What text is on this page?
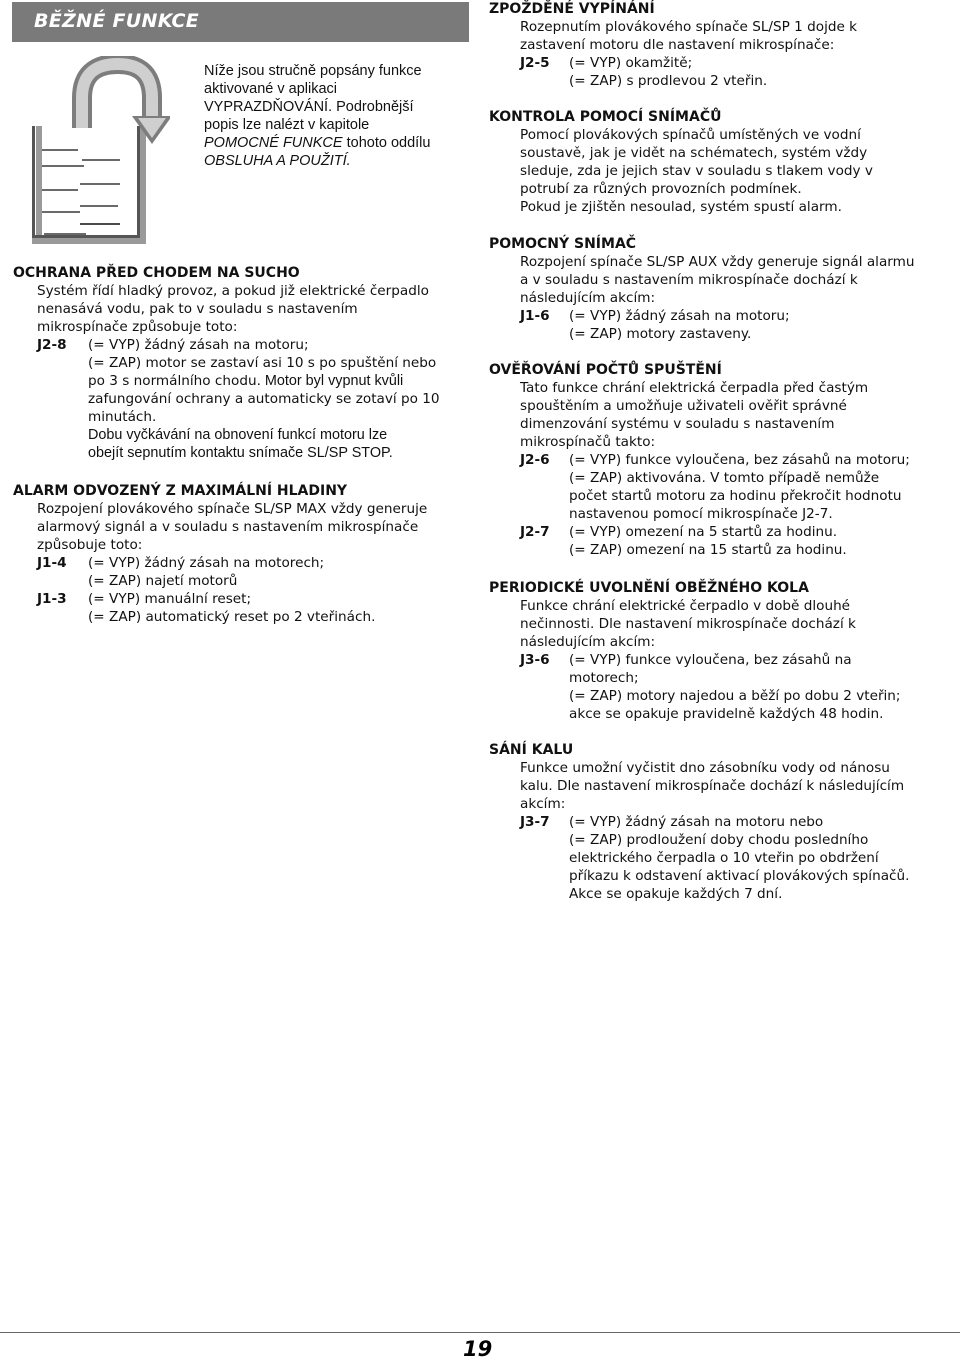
BĚŽNÉ FUNKCE
Níže jsou stručně popsány funkce
aktivované v aplikaci
VYPRAZDŇOVÁNÍ. Podrobnější
popis lze nalézt v kapitole
POMOCNÉ FUNKCE tohoto oddílu
OBSLUHA A POUŽITÍ.

OCHRANA PŘED CHODEM NA SUCHO

Systém řídí hladký provoz, a pokud již elektrické čerpadlo

nenasává vodu, pak to v souladu s nastavením

mikrospínače způsobuje toto:

J2-8	(= VYP) žádný zásah na motoru;
(= ZAP) motor se zastaví asi 10 s po spuštění nebo
po 3 s normálního chodu. Motor byl vypnut kvůli
zafungování ochrany a automaticky se zotaví po 10
minutách.
Dobu vyčkávání na obnovení funkcí motoru lze
obejít sepnutím kontaktu snímače SL/SP STOP.

ALARM ODVOZENÝ Z MAXIMÁLNÍ HLADINY

Rozpojení plovákového spínače SL/SP MAX vždy generuje

alarmový signál a v souladu s nastavením mikrospínače

způsobuje toto:

J1-4	(= VYP) žádný zásah na motorech;
(= ZAP) najetí motorů
J1-3	(= VYP) manuální reset;
(= ZAP) automatický reset po 2 vteřinách.

ZPOŽDĚNÉ VYPÍNÁNÍ

Rozepnutím plovákového spínače SL/SP 1 dojde k

zastavení motoru dle nastavení mikrospínače:

J2-5	(= VYP) okamžitě;
(= ZAP) s prodlevou 2 vteřin.

KONTROLA POMOCÍ SNÍMAČŮ

Pomocí plovákových spínačů umístěných ve vodní

soustavě, jak je vidět na schématech, systém vždy

sleduje, zda je jejich stav v souladu s tlakem vody v

potrubí za různých provozních podmínek.

Pokud je zjištěn nesoulad, systém spustí alarm.

POMOCNÝ SNÍMAČ

Rozpojení spínače SL/SP AUX vždy generuje signál alarmu

a v souladu s nastavením mikrospínače dochází k

následujícím akcím:

J1-6	(= VYP) žádný zásah na motoru;
(= ZAP) motory zastaveny.

OVĚŘOVÁNÍ POČTŮ SPUŠTĚNÍ

Tato funkce chrání elektrická čerpadla před častým

spouštěním a umožňuje uživateli ověřit správné

dimenzování systému v souladu s nastavením

mikrospínačů takto:

J2-6	(= VYP) funkce vyloučena, bez zásahů na motoru;
(= ZAP) aktivována. V tomto případě nemůže
počet startů motoru za hodinu překročit hodnotu
nastavenou pomocí mikrospínače J2-7.
J2-7	(= VYP) omezení na 5 startů za hodinu.
(= ZAP) omezení na 15 startů za hodinu.

PERIODICKÉ UVOLNĚNÍ OBĚŽNÉHO KOLA

Funkce chrání elektrické čerpadlo v době dlouhé

nečinnosti. Dle nastavení mikrospínače dochází k

následujícím akcím:

J3-6	(= VYP) funkce vyloučena, bez zásahů na
motorech;
(= ZAP) motory najedou a běží po dobu 2 vteřin;
akce se opakuje pravidelně každých 48 hodin.

SÁNÍ KALU

Funkce umožní vyčistit dno zásobníku vody od nánosu

kalu. Dle nastavení mikrospínače dochází k následujícím

akcím:

J3-7	(= VYP) žádný zásah na motoru nebo
(= ZAP) prodloužení doby chodu posledního
elektrického čerpadla o 10 vteřin po obdržení
příkazu k odstavení aktivací plovákových spínačů.
Akce se opakuje každých 7 dní.
19
